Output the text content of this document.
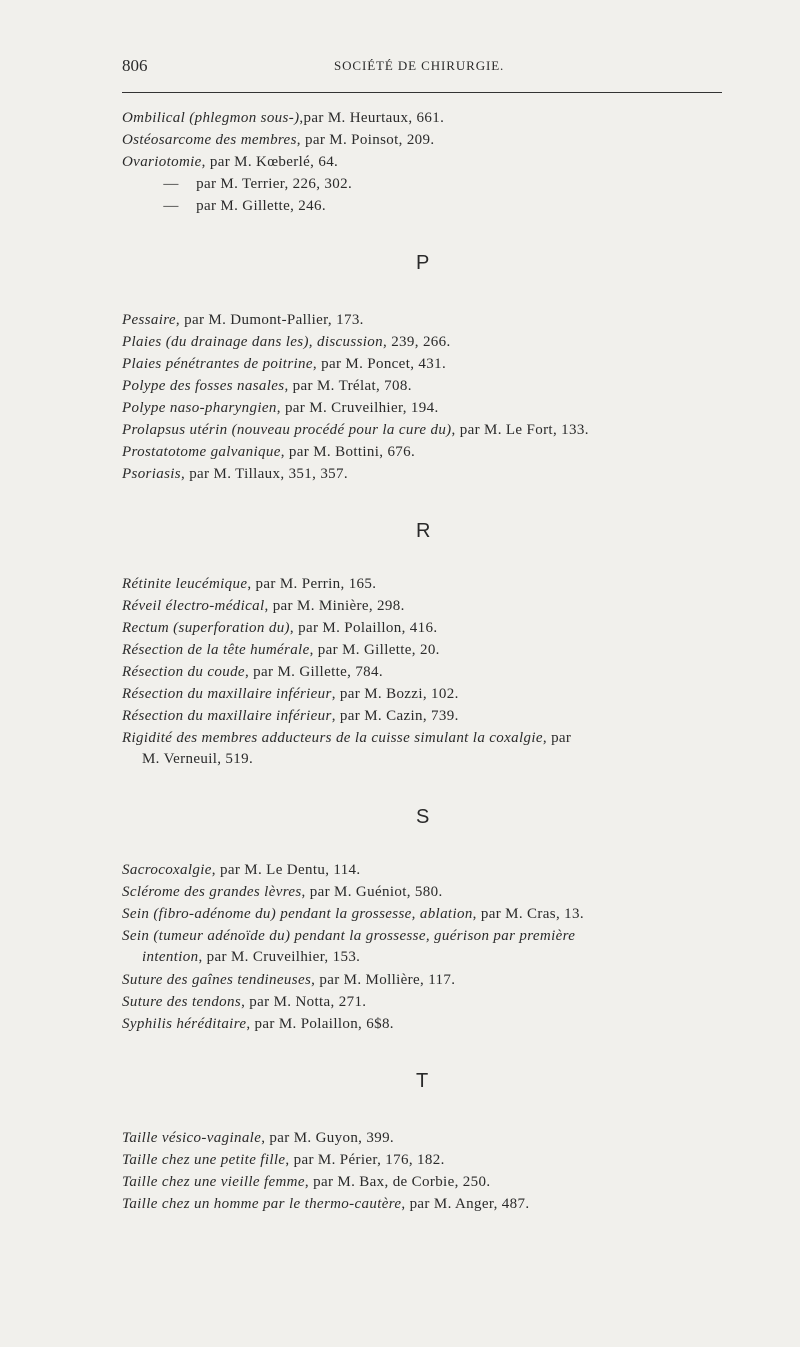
806	SOCIÉTÉ DE CHIRURGIE.
Ombilical (phlegmon sous-),par M. Heurtaux, 661.
Ostéosarcome des membres, par M. Poinsot, 209.
Ovariotomie, par M. Kœberlé, 64.
— par M. Terrier, 226, 302.
— par M. Gillette, 246.
P
Pessaire, par M. Dumont-Pallier, 173.
Plaies (du drainage dans les), discussion, 239, 266.
Plaies pénétrantes de poitrine, par M. Poncet, 431.
Polype des fosses nasales, par M. Trélat, 708.
Polype naso-pharyngien, par M. Cruveilhier, 194.
Prolapsus utérin (nouveau procédé pour la cure du), par M. Le Fort, 133.
Prostatotome galvanique, par M. Bottini, 676.
Psoriasis, par M. Tillaux, 351, 357.
R
Rétinite leucémique, par M. Perrin, 165.
Réveil électro-médical, par M. Minière, 298.
Rectum (superforation du), par M. Polaillon, 416.
Résection de la tête humérale, par M. Gillette, 20.
Résection du coude, par M. Gillette, 784.
Résection du maxillaire inférieur, par M. Bozzi, 102.
Résection du maxillaire inférieur, par M. Cazin, 739.
Rigidité des membres adducteurs de la cuisse simulant la coxalgie, par
M. Verneuil, 519.
S
Sacrocoxalgie, par M. Le Dentu, 114.
Sclérome des grandes lèvres, par M. Guéniot, 580.
Sein (fibro-adénome du) pendant la grossesse, ablation, par M. Cras, 13.
Sein (tumeur adénoïde du) pendant la grossesse, guérison par première
intention, par M. Cruveilhier, 153.
Suture des gaînes tendineuses, par M. Mollière, 117.
Suture des tendons, par M. Notta, 271.
Syphilis héréditaire, par M. Polaillon, 6$8.
T
Taille vésico-vaginale, par M. Guyon, 399.
Taille chez une petite fille, par M. Périer, 176, 182.
Taille chez une vieille femme, par M. Bax, de Corbie, 250.
Taille chez un homme par le thermo-cautère, par M. Anger, 487.
